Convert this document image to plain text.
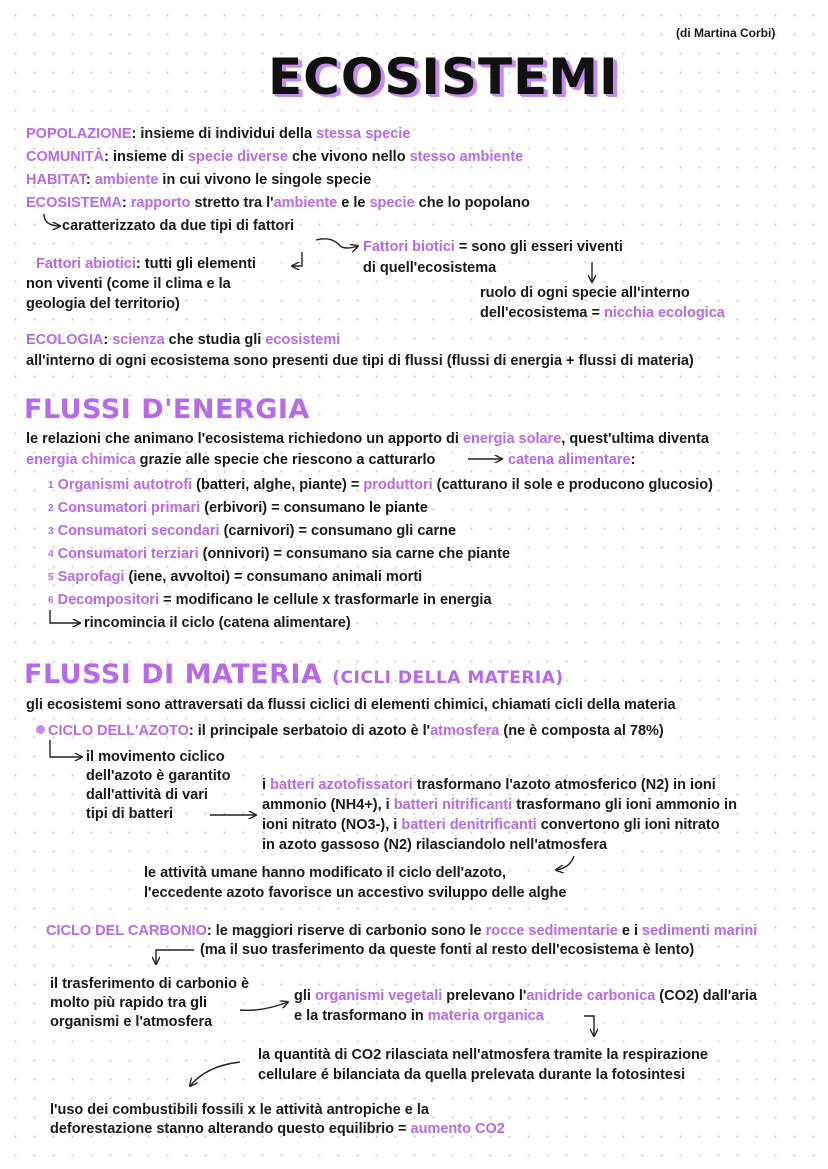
(di Martina Corbi)
ECOSISTEMI
POPOLAZIONE: insieme di individui della stessa specie
COMUNITÀ: insieme di specie diverse che vivono nello stesso ambiente
HABITAT: ambiente in cui vivono le singole specie
ECOSISTEMA: rapporto stretto tra l'ambiente e le specie che lo popolano
caratterizzato da due tipi di fattori
Fattori biotici = sono gli esseri viventi
di quell'ecosistema
Fattori abiotici: tutti gli elementi
non viventi (come il clima e la
geologia del territorio)
ruolo di ogni specie all'interno
dell'ecosistema = nicchia ecologica
ECOLOGIA: scienza che studia gli ecosistemi
all'interno di ogni ecosistema sono presenti due tipi di flussi (flussi di energia + flussi di materia)
FLUSSI D'ENERGIA
le relazioni che animano l'ecosistema richiedono un apporto di energia solare, quest'ultima diventa
energia chimica grazie alle specie che riescono a catturarlo	catena alimentare:
1 Organismi autotrofi (batteri, alghe, piante) = produttori (catturano il sole e producono glucosio)
2 Consumatori primari (erbivori) = consumano le piante
3 Consumatori secondari (carnivori) = consumano gli carne
4 Consumatori terziari (onnivori) = consumano sia carne che piante
5 Saprofagi (iene, avvoltoi) = consumano animali morti
6 Decompositori = modificano le cellule x trasformarle in energia
rincomincia il ciclo (catena alimentare)
FLUSSI DI MATERIA (CICLI DELLA MATERIA)
gli ecosistemi sono attraversati da flussi ciclici di elementi chimici, chiamati cicli della materia
CICLO DELL'AZOTO: il principale serbatoio di azoto è l'atmosfera (ne è composta al 78%)
il movimento ciclico
dell'azoto è garantito
dall'attività di vari
tipi di batteri
i batteri azotofissatori trasformano l'azoto atmosferico (N2) in ioni
ammonio (NH4+), i batteri nitrificanti trasformano gli ioni ammonio in
ioni nitrato (NO3-), i batteri denitrificanti convertono gli ioni nitrato
in azoto gassoso (N2) rilasciandolo nell'atmosfera
le attività umane hanno modificato il ciclo dell'azoto,
l'eccedente azoto favorisce un accestivo sviluppo delle alghe
CICLO DEL CARBONIO: le maggiori riserve di carbonio sono le rocce sedimentarie e i sedimenti marini
(ma il suo trasferimento da queste fonti al resto dell'ecosistema è lento)
il trasferimento di carbonio è
molto più rapido tra gli
organismi e l'atmosfera
gli organismi vegetali prelevano l'anidride carbonica (CO2) dall'aria
e la trasformano in materia organica
la quantità di CO2 rilasciata nell'atmosfera tramite la respirazione
cellulare é bilanciata da quella prelevata durante la fotosintesi
l'uso dei combustibili fossili x le attività antropiche e la
deforestazione stanno alterando questo equilibrio = aumento CO2
